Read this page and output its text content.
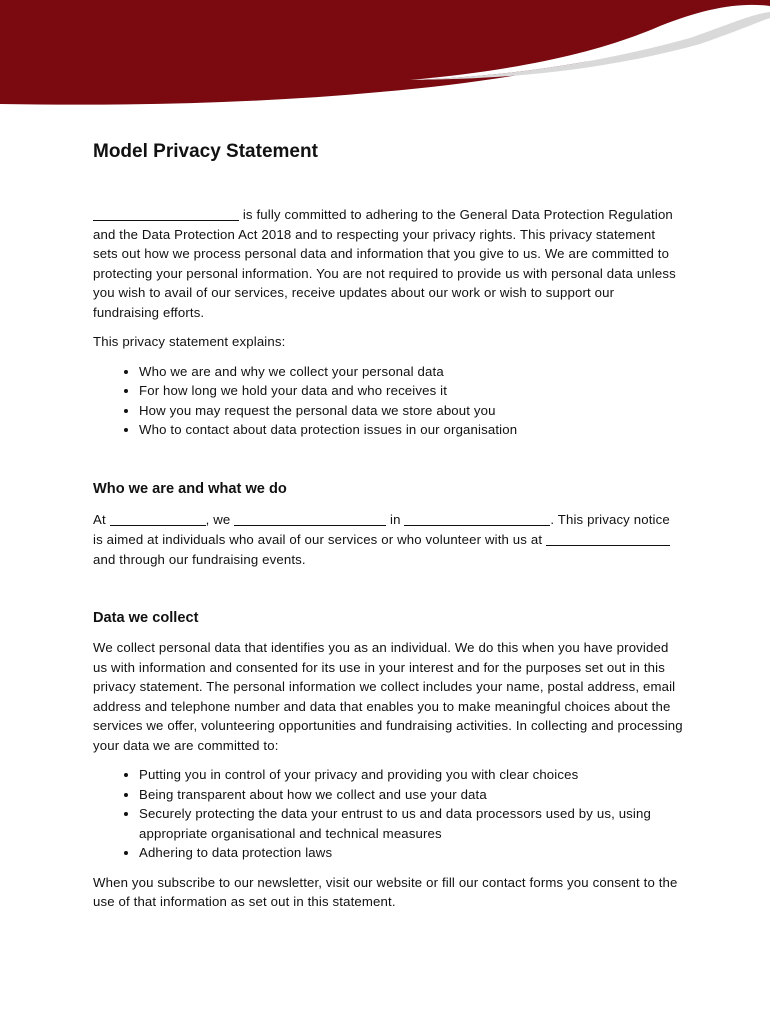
Model Privacy Statement

is fully committed to adhering to the General Data Protection Regulation and the Data Protection Act 2018 and to respecting your privacy rights. This privacy statement sets out how we process personal data and information that you give to us. We are committed to protecting your personal information. You are not required to provide us with personal data unless you wish to avail of our services, receive updates about our work or wish to support our fundraising efforts.

This privacy statement explains:

• Who we are and why we collect your personal data
• For how long we hold your data and who receives it
• How you may request the personal data we store about you
• Who to contact about data protection issues in our organisation
Who we are and what we do

At	, we	in	. This privacy notice is aimed at individuals who avail of our services or who volunteer with us at  and through our fundraising events.

Data we collect

We collect personal data that identifies you as an individual. We do this when you have provided us with information and consented for its use in your interest and for the purposes set out in this privacy statement. The personal information we collect includes your name, postal address, email address and telephone number and data that enables you to make meaningful choices about the services we offer, volunteering opportunities and fundraising activities. In collecting and processing your data we are committed to:

• Putting you in control of your privacy and providing you with clear choices
• Being transparent about how we collect and use your data
• Securely protecting the data your entrust to us and data processors used by us, using appropriate organisational and technical measures
• Adhering to data protection laws

When you subscribe to our newsletter, visit our website or fill our contact forms you consent to the use of that information as set out in this statement.
